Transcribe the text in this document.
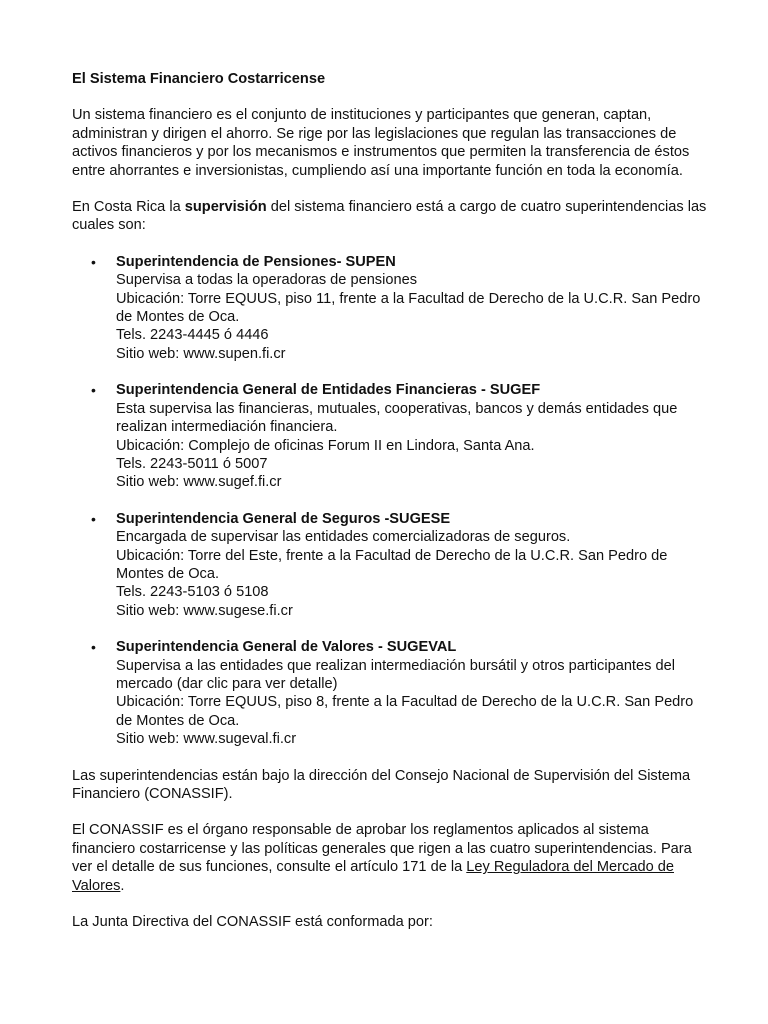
El Sistema Financiero Costarricense

Un sistema financiero es el conjunto de instituciones y participantes que generan, captan, administran y dirigen el ahorro. Se rige por las legislaciones que regulan las transacciones de activos financieros y por los mecanismos e instrumentos que permiten la transferencia de éstos entre ahorrantes e inversionistas, cumpliendo así una importante función en toda la economía.

En Costa Rica la supervisión del sistema financiero está a cargo de cuatro superintendencias las cuales son:

• Superintendencia de Pensiones- SUPEN
Supervisa a todas la operadoras de pensiones
Ubicación: Torre EQUUS, piso 11, frente a la Facultad de Derecho de la U.C.R. San Pedro de Montes de Oca.
Tels. 2243-4445 ó 4446
Sitio web: www.supen.fi.cr
• Superintendencia General de Entidades Financieras - SUGEF
Esta supervisa las financieras, mutuales, cooperativas, bancos y demás entidades que realizan intermediación financiera.
Ubicación: Complejo de oficinas Forum II en Lindora, Santa Ana.
Tels. 2243-5011 ó 5007
Sitio web: www.sugef.fi.cr
• Superintendencia General de Seguros -SUGESE
Encargada de supervisar las entidades comercializadoras de seguros.
Ubicación: Torre del Este, frente a la Facultad de Derecho de la U.C.R. San Pedro de Montes de Oca.
Tels. 2243-5103 ó 5108
Sitio web: www.sugese.fi.cr
• Superintendencia General de Valores - SUGEVAL
Supervisa a las entidades que realizan intermediación bursátil y otros participantes del mercado (dar clic para ver detalle)
Ubicación: Torre EQUUS, piso 8, frente a la Facultad de Derecho de la U.C.R. San Pedro de Montes de Oca.
Sitio web: www.sugeval.fi.cr

Las superintendencias están bajo la dirección del Consejo Nacional de Supervisión del Sistema Financiero (CONASSIF).

El CONASSIF es el órgano responsable de aprobar los reglamentos aplicados al sistema financiero costarricense y las políticas generales que rigen a las cuatro superintendencias. Para ver el detalle de sus funciones, consulte el artículo 171 de la Ley Reguladora del Mercado de Valores.

La Junta Directiva del CONASSIF está conformada por:
